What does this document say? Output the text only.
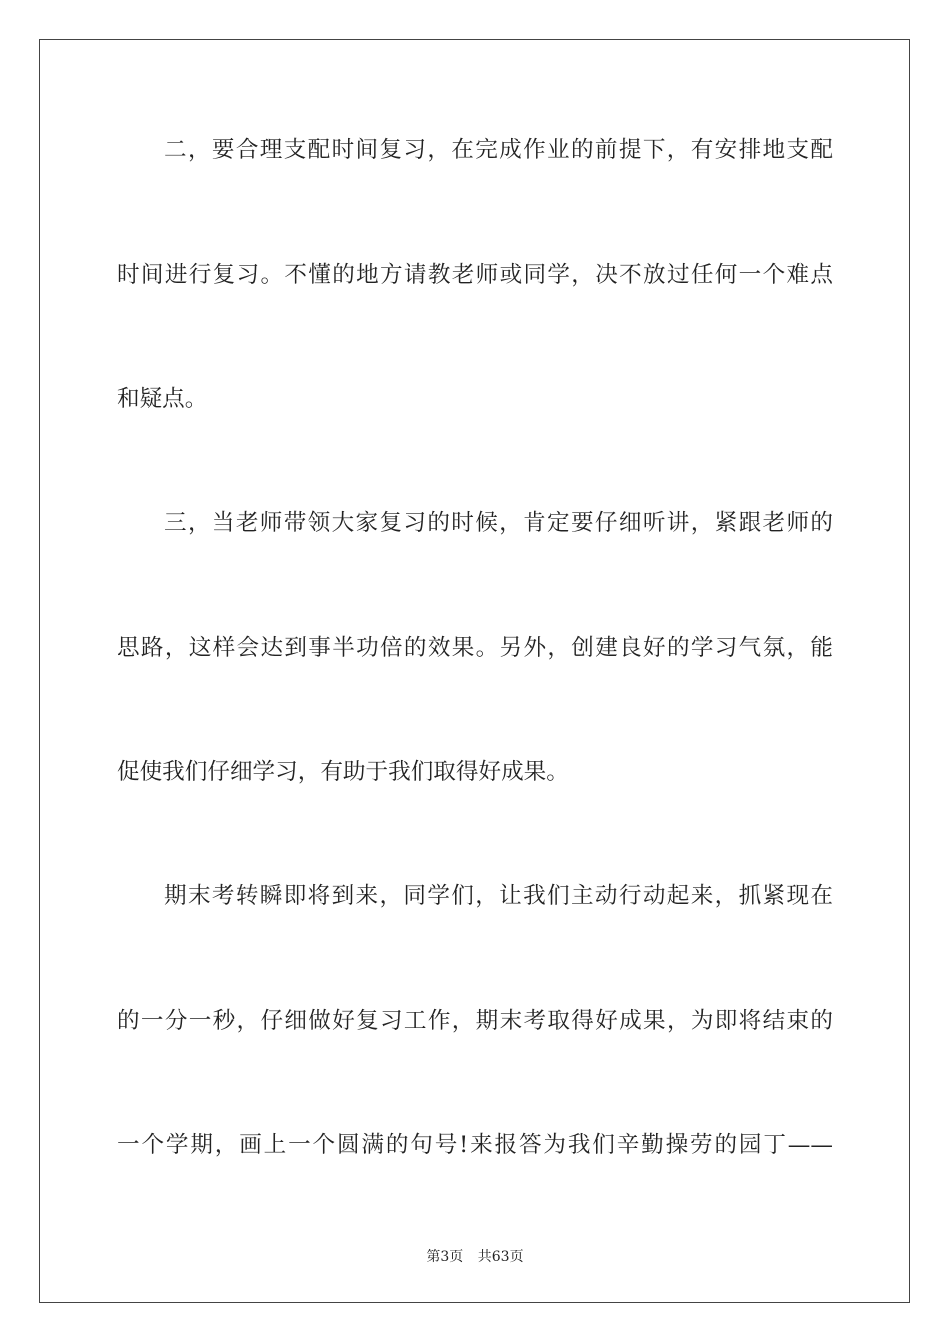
二，要合理支配时间复习，在完成作业的前提下，有安排地支配
时间进行复习。不懂的地方请教老师或同学，决不放过任何一个难点
和疑点。
三，当老师带领大家复习的时候，肯定要仔细听讲，紧跟老师的
思路，这样会达到事半功倍的效果。另外，创建良好的学习气氛，能
促使我们仔细学习，有助于我们取得好成果。
期末考转瞬即将到来，同学们，让我们主动行动起来，抓紧现在
的一分一秒，仔细做好复习工作，期末考取得好成果，为即将结束的
一个学期，画上一个圆满的句号!来报答为我们辛勤操劳的园丁——
第3页 共63页
